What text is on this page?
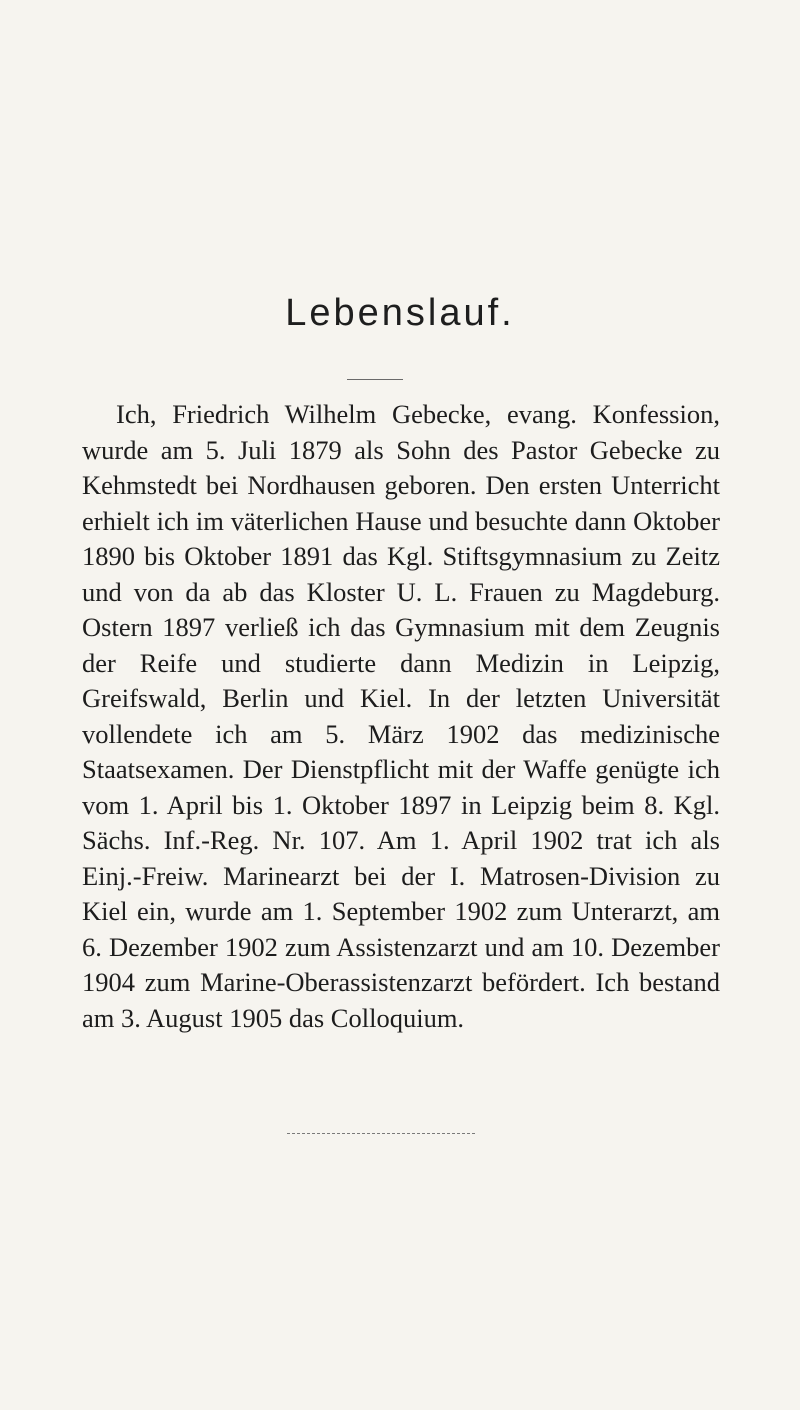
Lebenslauf.

Ich, Friedrich Wilhelm Gebecke, evang. Konfession, wurde am 5. Juli 1879 als Sohn des Pastor Gebecke zu Kehmstedt bei Nordhausen geboren. Den ersten Unterricht erhielt ich im väterlichen Hause und besuchte dann Oktober 1890 bis Oktober 1891 das Kgl. Stiftsgymnasium zu Zeitz und von da ab das Kloster U. L. Frauen zu Magdeburg. Ostern 1897 verließ ich das Gymnasium mit dem Zeugnis der Reife und studierte dann Medizin in Leipzig, Greifswald, Berlin und Kiel. In der letzten Universität vollendete ich am 5. März 1902 das medizinische Staatsexamen. Der Dienstpflicht mit der Waffe genügte ich vom 1. April bis 1. Oktober 1897 in Leipzig beim 8. Kgl. Sächs. Inf.-Reg. Nr. 107. Am 1. April 1902 trat ich als Einj.-Freiw. Marinearzt bei der I. Matrosen-Division zu Kiel ein, wurde am 1. September 1902 zum Unterarzt, am 6. Dezember 1902 zum Assistenzarzt und am 10. Dezember 1904 zum Marine-Oberassistenzarzt befördert. Ich bestand am 3. August 1905 das Colloquium.
